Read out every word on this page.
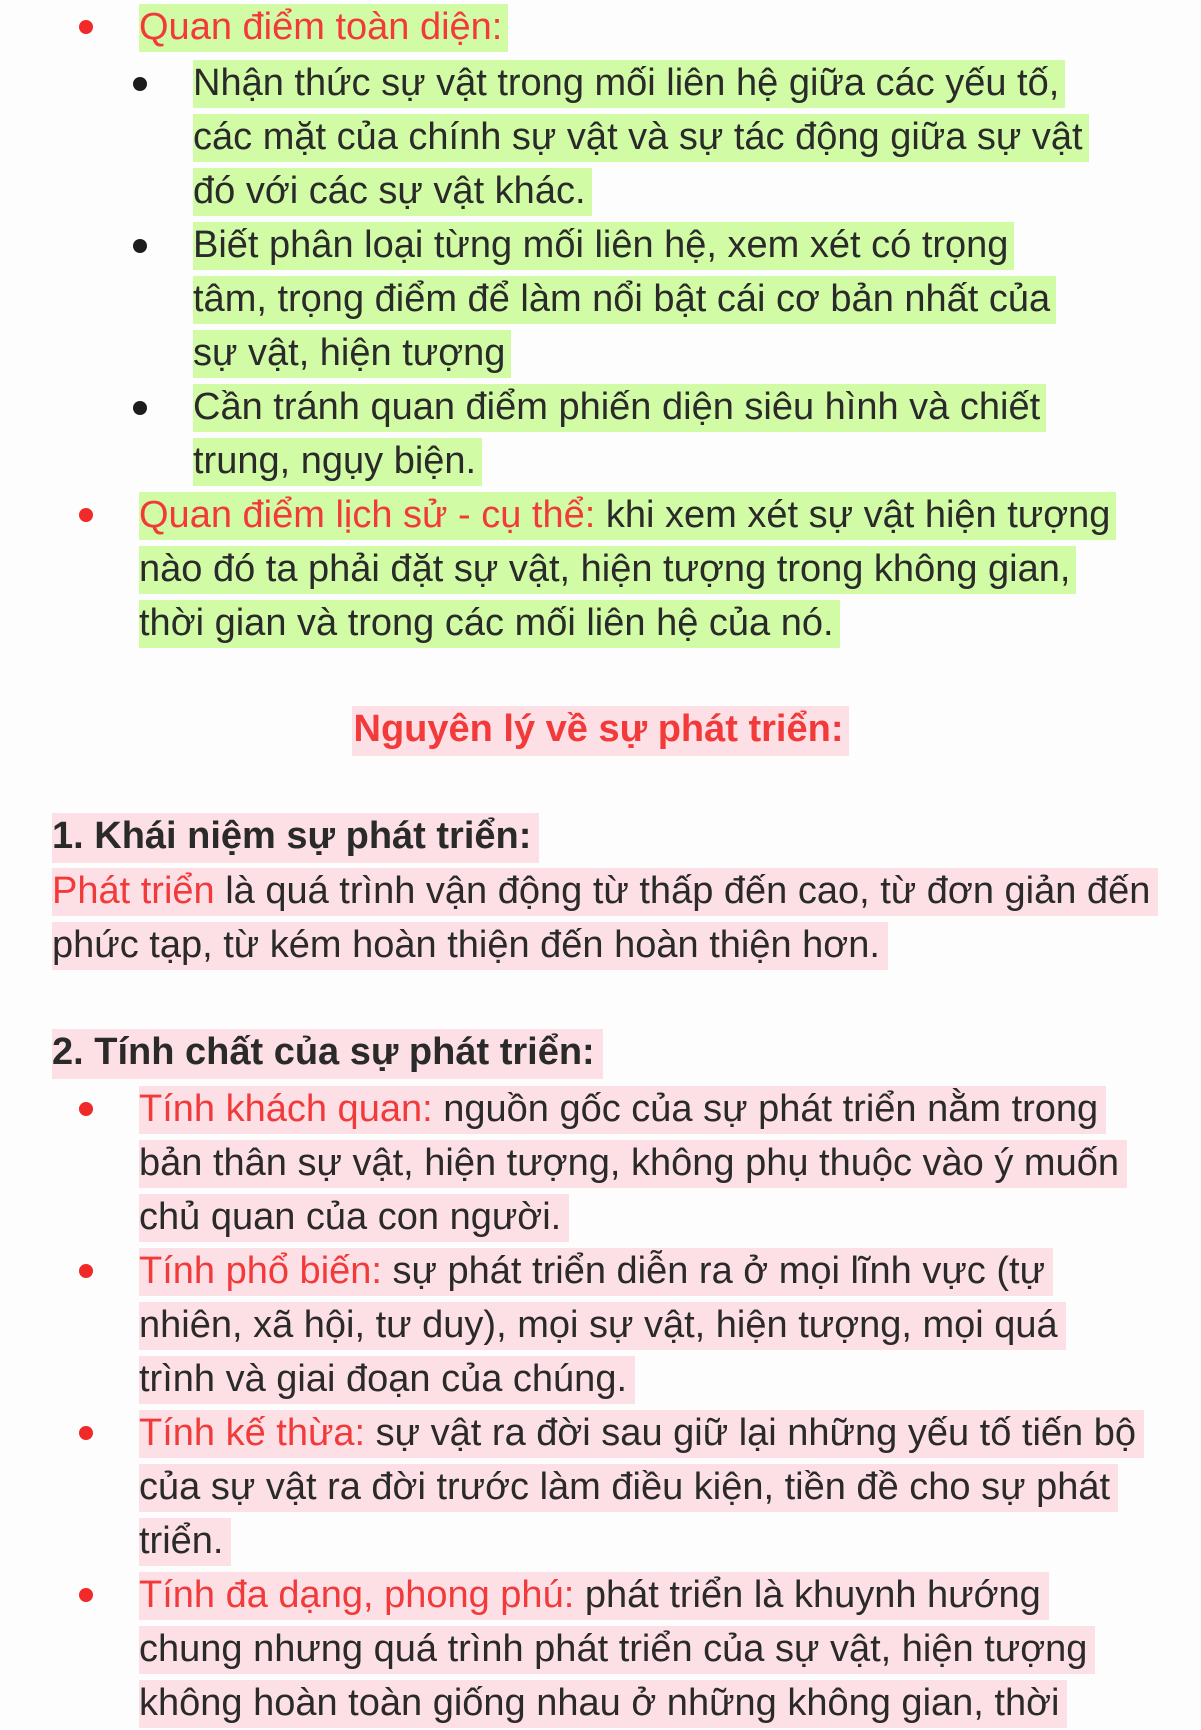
Quan điểm toàn diện:
Nhận thức sự vật trong mối liên hệ giữa các yếu tố, các mặt của chính sự vật và sự tác động giữa sự vật đó với các sự vật khác.
Biết phân loại từng mối liên hệ, xem xét có trọng tâm, trọng điểm để làm nổi bật cái cơ bản nhất của sự vật, hiện tượng
Cần tránh quan điểm phiến diện siêu hình và chiết trung, ngụy biện.
Quan điểm lịch sử - cụ thể: khi xem xét sự vật hiện tượng nào đó ta phải đặt sự vật, hiện tượng trong không gian, thời gian và trong các mối liên hệ của nó.
Nguyên lý về sự phát triển:
1. Khái niệm sự phát triển:
Phát triển là quá trình vận động từ thấp đến cao, từ đơn giản đến phức tạp, từ kém hoàn thiện đến hoàn thiện hơn.
2. Tính chất của sự phát triển:
Tính khách quan: nguồn gốc của sự phát triển nằm trong bản thân sự vật, hiện tượng, không phụ thuộc vào ý muốn chủ quan của con người.
Tính phổ biến: sự phát triển diễn ra ở mọi lĩnh vực (tự nhiên, xã hội, tư duy), mọi sự vật, hiện tượng, mọi quá trình và giai đoạn của chúng.
Tính kế thừa: sự vật ra đời sau giữ lại những yếu tố tiến bộ của sự vật ra đời trước làm điều kiện, tiền đề cho sự phát triển.
Tính đa dạng, phong phú: phát triển là khuynh hướng chung nhưng quá trình phát triển của sự vật, hiện tượng không hoàn toàn giống nhau ở những không gian, thời
